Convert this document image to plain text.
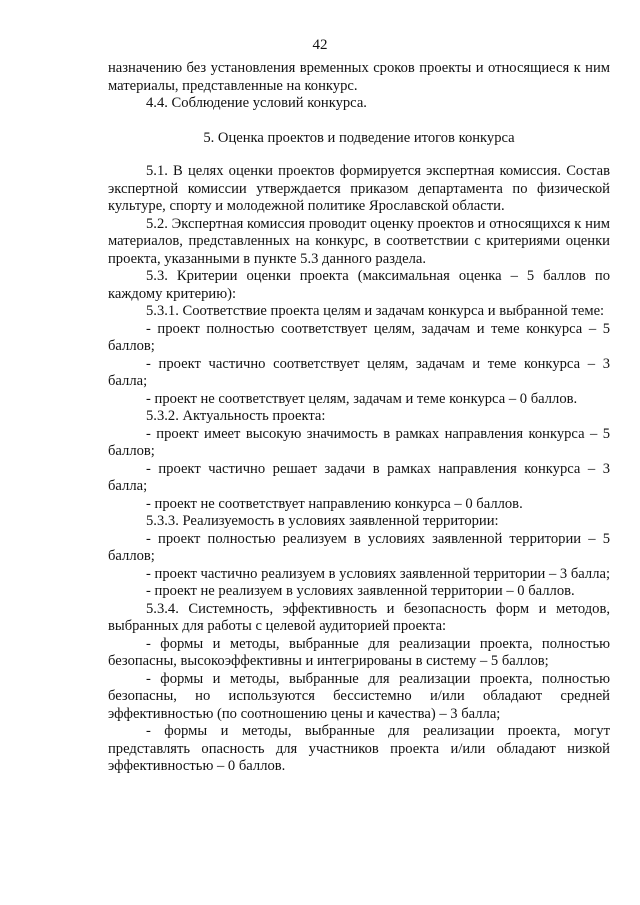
42

назначению без установления временных сроков проекты и относящиеся к ним материалы, представленные на конкурс.

4.4. Соблюдение условий конкурса.

5. Оценка проектов и подведение итогов конкурса

5.1. В целях оценки проектов формируется экспертная комиссия. Состав экспертной комиссии утверждается приказом департамента по физической культуре, спорту и молодежной политике Ярославской области.

5.2. Экспертная комиссия проводит оценку проектов и относящихся к ним материалов, представленных на конкурс, в соответствии с критериями оценки проекта, указанными в пункте 5.3 данного раздела.

5.3. Критерии оценки проекта (максимальная оценка – 5 баллов по каждому критерию):

5.3.1. Соответствие проекта целям и задачам конкурса и выбранной теме:

- проект полностью соответствует целям, задачам и теме конкурса – 5 баллов;

- проект частично соответствует целям, задачам и теме конкурса – 3 балла;

- проект не соответствует целям, задачам и теме конкурса – 0 баллов.

5.3.2. Актуальность проекта:

- проект имеет высокую значимость в рамках направления конкурса – 5 баллов;

- проект частично решает задачи в рамках направления конкурса – 3 балла;

- проект не соответствует направлению конкурса – 0 баллов.

5.3.3. Реализуемость в условиях заявленной территории:

- проект полностью реализуем в условиях заявленной территории – 5 баллов;

- проект частично реализуем в условиях заявленной территории – 3 балла;

- проект не реализуем в условиях заявленной территории – 0 баллов.

5.3.4. Системность, эффективность и безопасность форм и методов, выбранных для работы с целевой аудиторией проекта:

- формы и методы, выбранные для реализации проекта, полностью безопасны, высокоэффективны и интегрированы в систему – 5 баллов;

- формы и методы, выбранные для реализации проекта, полностью безопасны, но используются бессистемно и/или обладают средней эффективностью (по соотношению цены и качества) – 3 балла;

- формы и методы, выбранные для реализации проекта, могут представлять опасность для участников проекта и/или обладают низкой эффективностью – 0 баллов.
